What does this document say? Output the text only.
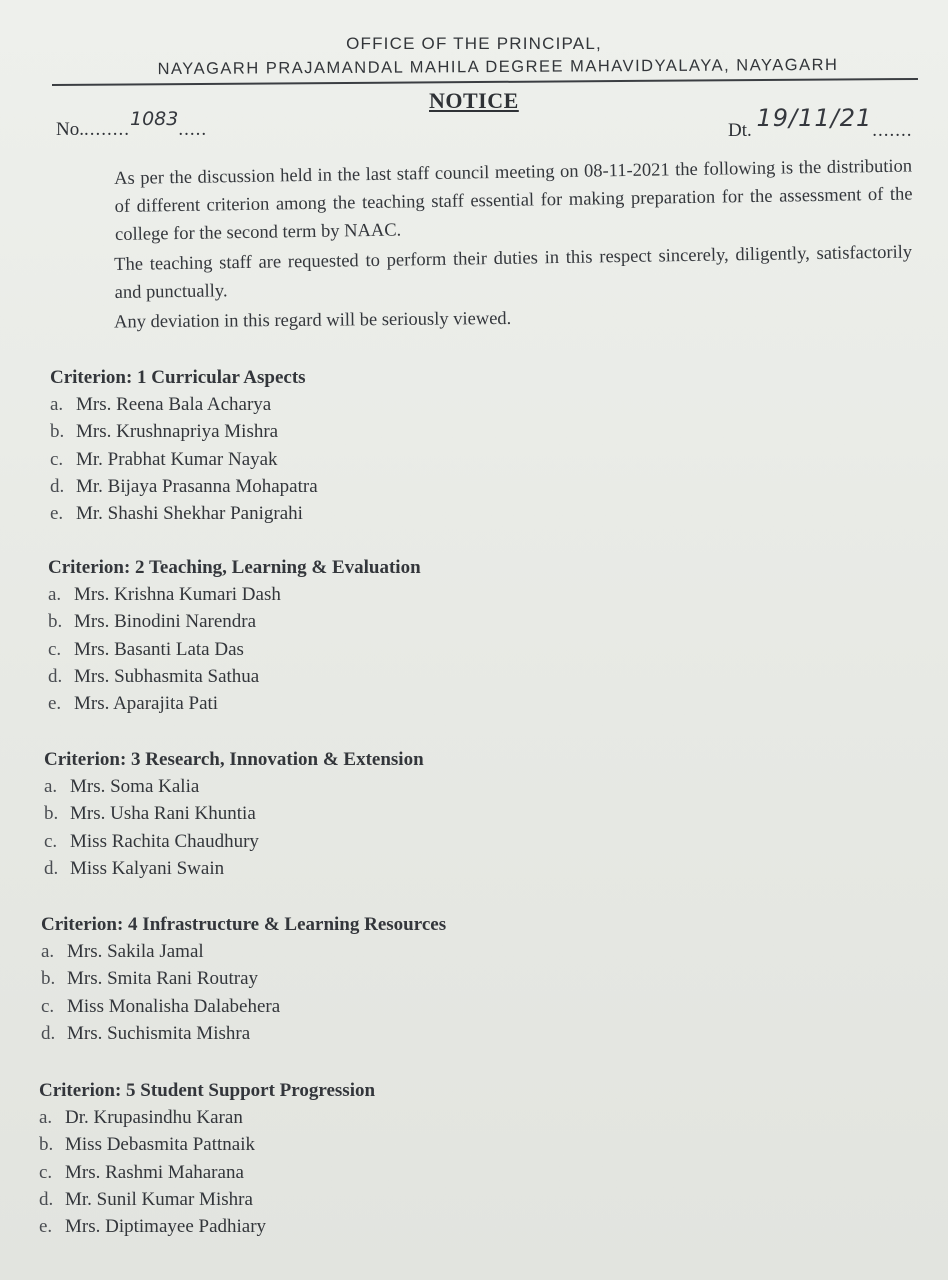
OFFICE OF THE PRINCIPAL,
NAYAGARH PRAJAMANDAL MAHILA DEGREE MAHAVIDYALAYA, NAYAGARH
NOTICE
No.........1083.....	Dt. 19/11/21.......
As per the discussion held in the last staff council meeting on 08-11-2021 the following is the distribution of different criterion among the teaching staff essential for making preparation for the assessment of the college for the second term by NAAC.
The teaching staff are requested to perform their duties in this respect sincerely, diligently, satisfactorily and punctually.
Any deviation in this regard will be seriously viewed.
Criterion: 1 Curricular Aspects
a. Mrs. Reena Bala Acharya
b. Mrs. Krushnapriya Mishra
c. Mr. Prabhat Kumar Nayak
d. Mr. Bijaya Prasanna Mohapatra
e. Mr. Shashi Shekhar Panigrahi
Criterion: 2 Teaching, Learning & Evaluation
a. Mrs. Krishna Kumari Dash
b. Mrs. Binodini Narendra
c. Mrs. Basanti Lata Das
d. Mrs. Subhasmita Sathua
e. Mrs. Aparajita Pati
Criterion: 3 Research, Innovation & Extension
a. Mrs. Soma Kalia
b. Mrs. Usha Rani Khuntia
c. Miss Rachita Chaudhury
d. Miss Kalyani Swain
Criterion: 4 Infrastructure & Learning Resources
a. Mrs. Sakila Jamal
b. Mrs. Smita Rani Routray
c. Miss Monalisha Dalabehera
d. Mrs. Suchismita Mishra
Criterion: 5 Student Support Progression
a. Dr. Krupasindhu Karan
b. Miss Debasmita Pattnaik
c. Mrs. Rashmi Maharana
d. Mr. Sunil Kumar Mishra
e. Mrs. Diptimayee Padhiary
